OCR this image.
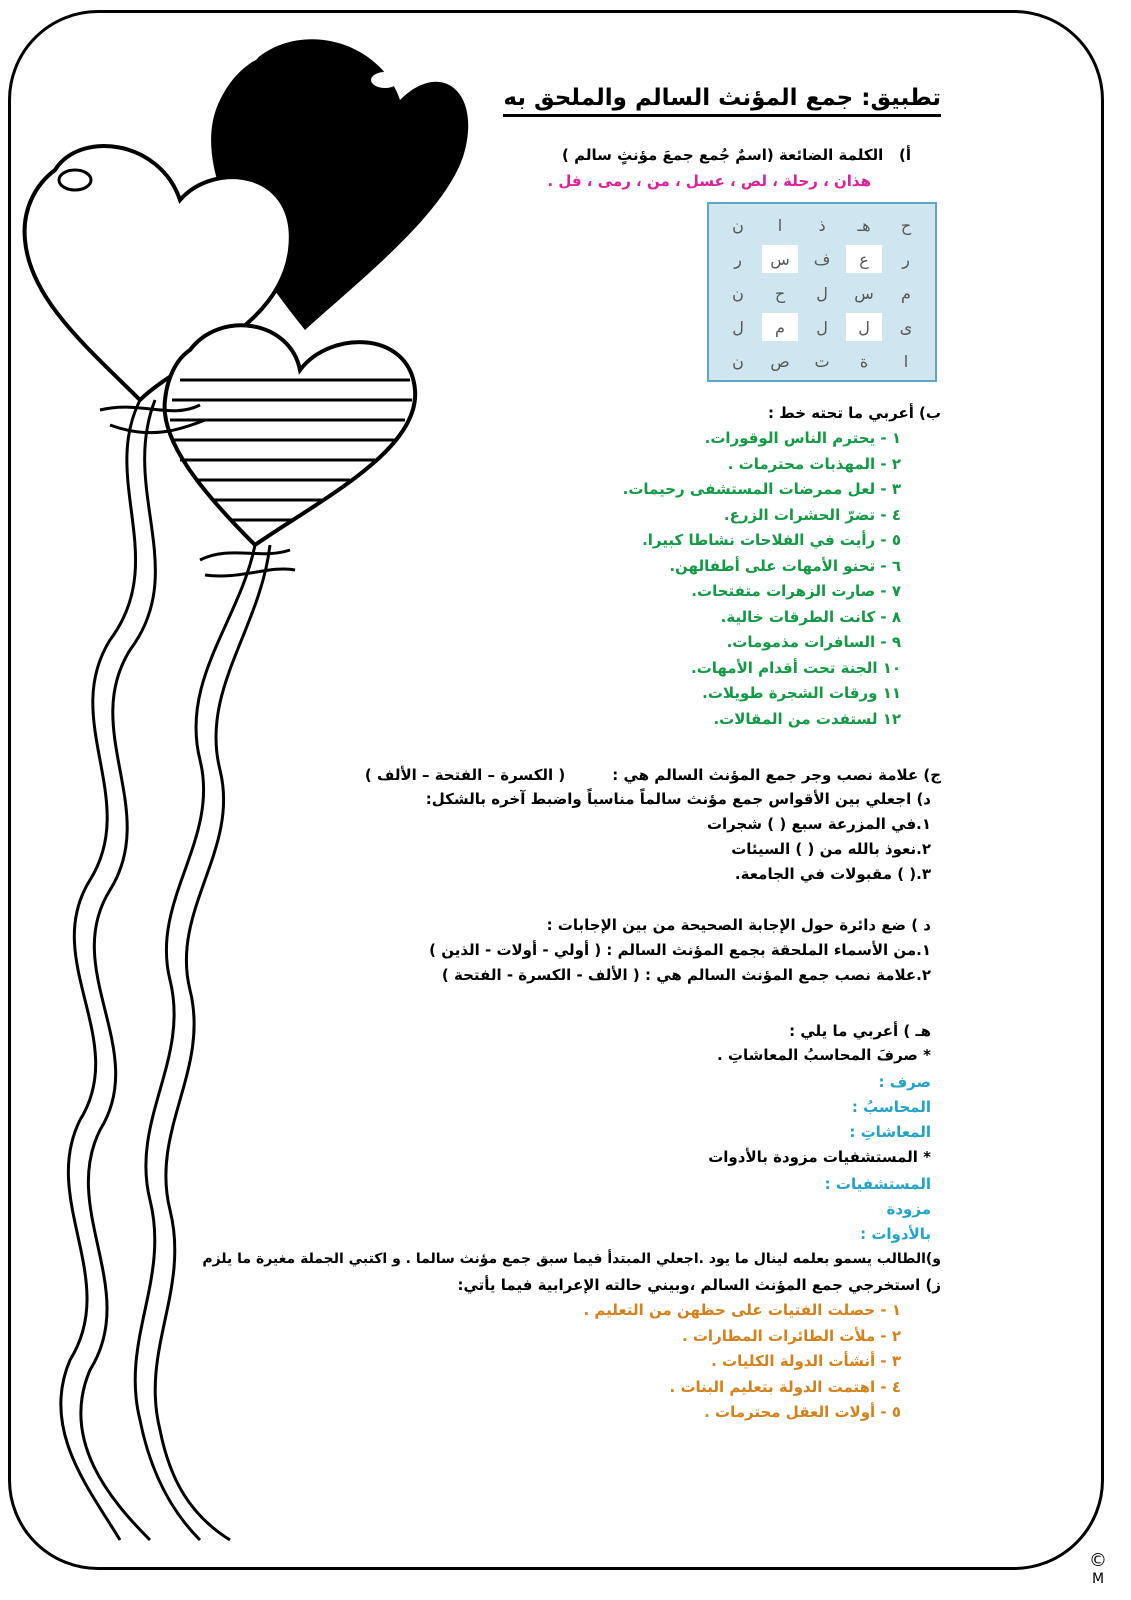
تطبيق: جمع المؤنث السالم والملحق به
أ)   الكلمة الضائعة (اسمٌ جُمع جمعَ مؤنثٍ سالم )
هذان ، رحلة ، لص ، عسل ، من ، رمى ، فل .
ح
هـ
ذ
ا
ن
ر
ع
ف
س
ر
م
س
ل
ح
ن
ى
ل
ل
م
ل
ا
ة
ت
ص
ن
ب) أعربي ما تحته خط :
١ - يحترم الناس الوقورات.
٢ - المهذبات محترمات .
٣ - لعل ممرضات المستشفى رحيمات.
٤ - تضرّ الحشرات الزرع.
٥ - رأيت في الفلاحات نشاطا كبيرا.
٦ - تحنو الأمهات على أطفالهن.
٧ - صارت الزهرات متفتحات.
٨ - كانت الطرقات خالية.
٩ - السافرات مذمومات.
١٠ الجنة تحت أقدام الأمهات.
١١ ورقات الشجرة طويلات.
١٢ لستفدت من المقالات.
ج) علامة نصب وجر جمع المؤنث السالم هي :         ( الكسرة – الفتحة – الألف )
د) اجعلي بين الأقواس جمع مؤنث سالماً مناسباً واضبط آخره بالشكل:
١.في المزرعة سبع ( ) شجرات
٢.نعوذ بالله من ( ) السيئات
٣.( ) مقبولات في الجامعة.
د ) ضع دائرة حول الإجابة الصحيحة من بين الإجابات :
١.من الأسماء الملحقة بجمع المؤنث السالم : ( أولي - أولات - الذين )
٢.علامة نصب جمع المؤنث السالم هي : ( الألف - الكسرة - الفتحة )
هـ ) أعربي ما يلي :
* صرفَ المحاسبُ المعاشاتِ .
صرف :
المحاسبُ :
المعاشاتِ :
* المستشفيات مزودة بالأدوات
المستشفيات :
مزودة
بالأدوات :
و)الطالب يسمو بعلمه لينال ما يود .اجعلي المبتدأ فيما سبق جمع مؤنث سالما . و اكتبي الجملة مغيرة ما يلزم
ز) استخرجي جمع المؤنث السالم ،وبيني حالته الإعرابية فيما يأتي:
١ - حصلت الفتيات على حظهن من التعليم .
٢ - ملأت الطائرات المطارات .
٣ - أنشأت الدولة الكليات .
٤ - اهتمت الدولة بتعليم البنات .
٥ - أولات العقل محترمات .
©
M
